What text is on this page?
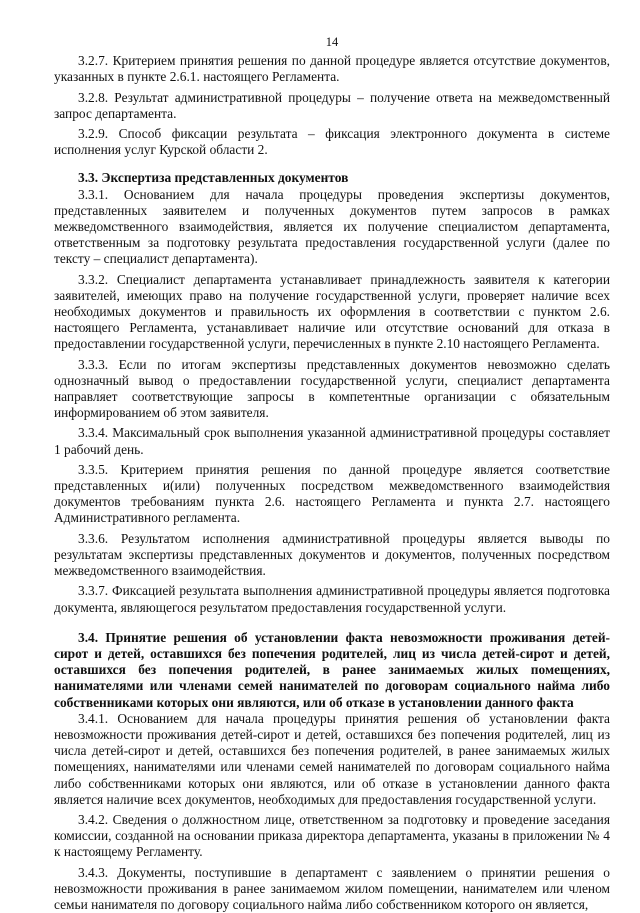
14

3.2.7. Критерием принятия решения по данной процедуре является отсутствие документов, указанных в пункте 2.6.1. настоящего Регламента.

3.2.8. Результат административной процедуры – получение ответа на межведомственный запрос департамента.

3.2.9. Способ фиксации результата – фиксация электронного документа в системе исполнения услуг Курской области 2.

3.3. Экспертиза представленных документов

3.3.1. Основанием для начала процедуры проведения экспертизы документов, представленных заявителем и полученных документов путем запросов в рамках межведомственного взаимодействия, является их получение специалистом департамента, ответственным за подготовку результата предоставления государственной услуги (далее по тексту – специалист департамента).

3.3.2. Специалист департамента устанавливает принадлежность заявителя к категории заявителей, имеющих право на получение государственной услуги, проверяет наличие всех необходимых документов и правильность их оформления в соответствии с пунктом 2.6. настоящего Регламента, устанавливает наличие или отсутствие оснований для отказа в предоставлении государственной услуги, перечисленных в пункте 2.10 настоящего Регламента.

3.3.3. Если по итогам экспертизы представленных документов невозможно сделать однозначный вывод о предоставлении государственной услуги, специалист департамента направляет соответствующие запросы в компетентные организации с обязательным информированием об этом заявителя.

3.3.4. Максимальный срок выполнения указанной административной процедуры составляет 1 рабочий день.

3.3.5. Критерием принятия решения по данной процедуре является соответствие представленных и(или) полученных посредством межведомственного взаимодействия документов требованиям пункта 2.6. настоящего Регламента и пункта 2.7. настоящего Административного регламента.

3.3.6. Результатом исполнения административной процедуры является выводы по результатам экспертизы представленных документов и документов, полученных посредством межведомственного взаимодействия.

3.3.7. Фиксацией результата выполнения административной процедуры является подготовка документа, являющегося результатом предоставления государственной услуги.

3.4. Принятие решения об установлении факта невозможности проживания детей-сирот и детей, оставшихся без попечения родителей, лиц из числа детей-сирот и детей, оставшихся без попечения родителей, в ранее занимаемых жилых помещениях, нанимателями или членами семей нанимателей по договорам социального найма либо собственниками которых они являются, или об отказе в установлении данного факта

3.4.1. Основанием для начала процедуры принятия решения об установлении факта невозможности проживания детей-сирот и детей, оставшихся без попечения родителей, лиц из числа детей-сирот и детей, оставшихся без попечения родителей, в ранее занимаемых жилых помещениях, нанимателями или членами семей нанимателей по договорам социального найма либо собственниками которых они являются, или об отказе в установлении данного факта является наличие всех документов, необходимых для предоставления государственной услуги.

3.4.2. Сведения о должностном лице, ответственном за подготовку и проведение заседания комиссии, созданной на основании приказа директора департамента, указаны в приложении № 4 к настоящему Регламенту.

3.4.3. Документы, поступившие в департамент с заявлением о принятии решения о невозможности проживания в ранее занимаемом жилом помещении, нанимателем или членом семьи нанимателя по договору социального найма либо собственником которого он является,
